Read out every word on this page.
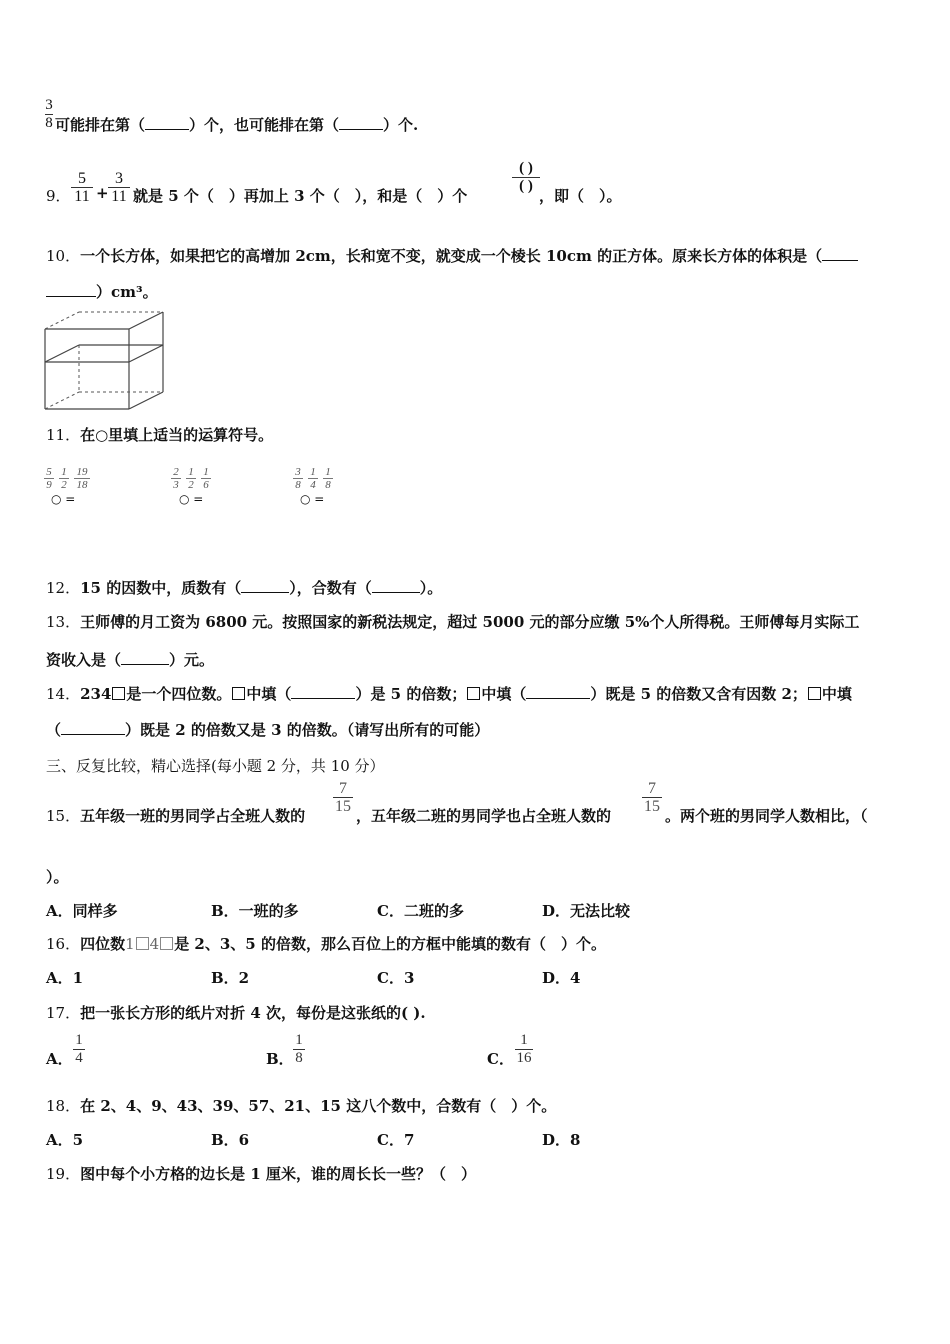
3
8 可能排在第（	）个，也可能排在第（	）个.
9．
5
11 +
3
11 就是 5 个（　）再加上 3 个（　），和是（　）个
( )
( )
，即（　）。
10．一个长方体，如果把它的高增加 2cm，长和宽不变，就变成一个棱长 10cm 的正方体。原来长方体的体积是（
）cm³。
11．在○里填上适当的运算符号。
5
9
1
2
19
18
○ =
2
3
1
2
1
6
○ =
3
8
1
4
1
8
○ =
12．15 的因数中，质数有（	），合数有（	）。
13．王师傅的月工资为 6800 元。按照国家的新税法规定，超过 5000 元的部分应缴 5%个人所得税。王师傅每月实际工
资收入是（	）元。
14．234 是一个四位数。 中填（	）是 5 的倍数； 中填（	）既是 5 的倍数又含有因数 2； 中填
（	）既是 2 的倍数又是 3 的倍数。（请写出所有的可能）
三、反复比较，精心选择(每小题 2 分，共 10 分）
15．五年级一班的男同学占全班人数的
7
15
，五年级二班的男同学也占全班人数的
7
15
。两个班的男同学人数相比，（
）。
A．同样多	B．一班的多	C．二班的多	D．无法比较
16．四位数1 4 是 2、3、5 的倍数，那么百位上的方框中能填的数有（　）个。
A．1	B．2	C．3	D．4
17．把一张长方形的纸片对折 4 次，每份是这张纸的( ).
A．
1
4	B．
1
8	C．
1
16
18．在 2、4、9、43、39、57、21、15 这八个数中，合数有（　）个。
A．5	B．6	C．7	D．8
19．图中每个小方格的边长是 1 厘米，谁的周长长一些？（　）
